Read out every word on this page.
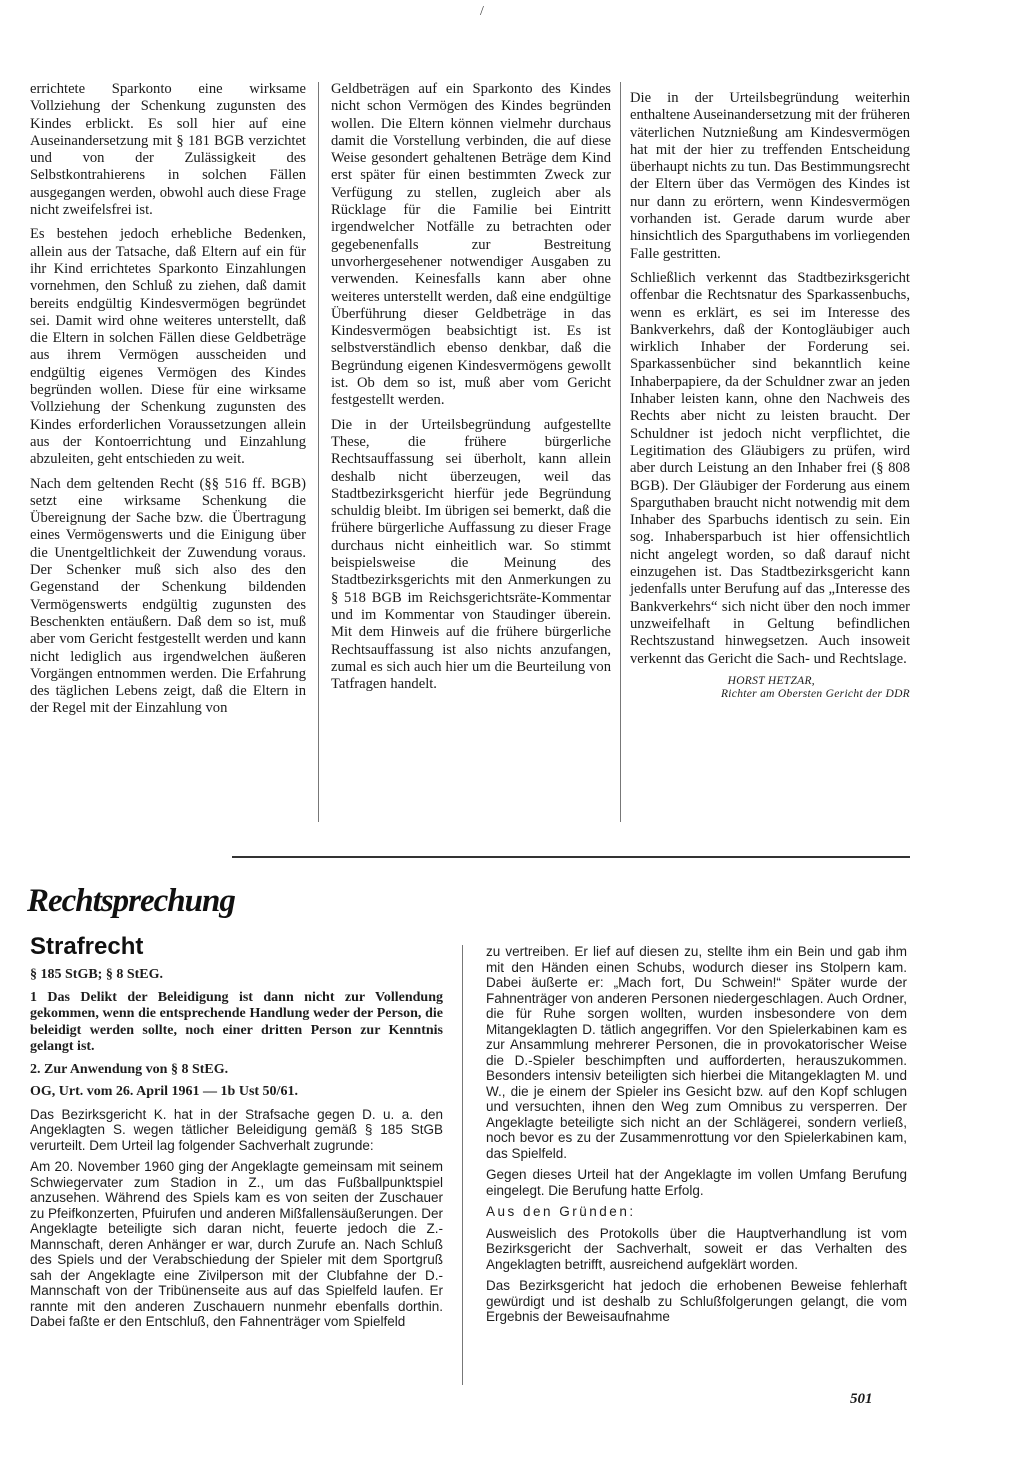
/

errichtete Sparkonto eine wirksame Vollziehung der Schenkung zugunsten des Kindes erblickt. Es soll hier auf eine Auseinandersetzung mit § 181 BGB verzichtet und von der Zulässigkeit des Selbstkontrahierens in solchen Fällen ausgegangen werden, obwohl auch diese Frage nicht zweifelsfrei ist.

Es bestehen jedoch erhebliche Bedenken, allein aus der Tatsache, daß Eltern auf ein für ihr Kind errichtetes Sparkonto Einzahlungen vornehmen, den Schluß zu ziehen, daß damit bereits endgültig Kindesvermögen begründet sei. Damit wird ohne weiteres unterstellt, daß die Eltern in solchen Fällen diese Geldbeträge aus ihrem Vermögen ausscheiden und endgültig eigenes Vermögen des Kindes begründen wollen. Diese für eine wirksame Vollziehung der Schenkung zugunsten des Kindes erforderlichen Voraussetzungen allein aus der Kontoerrichtung und Einzahlung abzuleiten, geht entschieden zu weit.

Nach dem geltenden Recht (§§ 516 ff. BGB) setzt eine wirksame Schenkung die Übereignung der Sache bzw. die Übertragung eines Vermögenswerts und die Einigung über die Unentgeltlichkeit der Zuwendung voraus. Der Schenker muß sich also des den Gegenstand der Schenkung bildenden Vermögenswerts endgültig zugunsten des Beschenkten entäußern. Daß dem so ist, muß aber vom Gericht festgestellt werden und kann nicht lediglich aus irgendwelchen äußeren Vorgängen entnommen werden. Die Erfahrung des täglichen Lebens zeigt, daß die Eltern in der Regel mit der Einzahlung von

Geldbeträgen auf ein Sparkonto des Kindes nicht schon Vermögen des Kindes begründen wollen. Die Eltern können vielmehr durchaus damit die Vorstellung verbinden, die auf diese Weise gesondert gehaltenen Beträge dem Kind erst später für einen bestimmten Zweck zur Verfügung zu stellen, zugleich aber als Rücklage für die Familie bei Eintritt irgendwelcher Notfälle zu betrachten oder gegebenenfalls zur Bestreitung unvorhergesehener notwendiger Ausgaben zu verwenden. Keinesfalls kann aber ohne weiteres unterstellt werden, daß eine endgültige Überführung dieser Geldbeträge in das Kindesvermögen beabsichtigt ist. Es ist selbstverständlich ebenso denkbar, daß die Begründung eigenen Kindesvermögens gewollt ist. Ob dem so ist, muß aber vom Gericht festgestellt werden.

Die in der Urteilsbegründung aufgestellte These, die frühere bürgerliche Rechtsauffassung sei überholt, kann allein deshalb nicht überzeugen, weil das Stadtbezirksgericht hierfür jede Begründung schuldig bleibt. Im übrigen sei bemerkt, daß die frühere bürgerliche Auffassung zu dieser Frage durchaus nicht einheitlich war. So stimmt beispielsweise die Meinung des Stadtbezirksgerichts mit den Anmerkungen zu § 518 BGB im Reichsgerichtsräte-Kommentar und im Kommentar von Staudinger überein. Mit dem Hinweis auf die frühere bürgerliche Rechtsauffassung ist also nichts anzufangen, zumal es sich auch hier um die Beurteilung von Tatfragen handelt.

Die in der Urteilsbegründung weiterhin enthaltene Auseinandersetzung mit der früheren väterlichen Nutznießung am Kindesvermögen hat mit der hier zu treffenden Entscheidung überhaupt nichts zu tun. Das Bestimmungsrecht der Eltern über das Vermögen des Kindes ist nur dann zu erörtern, wenn Kindesvermögen vorhanden ist. Gerade darum wurde aber hinsichtlich des Sparguthabens im vorliegenden Falle gestritten.

Schließlich verkennt das Stadtbezirksgericht offenbar die Rechtsnatur des Sparkassenbuchs, wenn es erklärt, es sei im Interesse des Bankverkehrs, daß der Kontogläubiger auch wirklich Inhaber der Forderung sei. Sparkassenbücher sind bekanntlich keine Inhaberpapiere, da der Schuldner zwar an jeden Inhaber leisten kann, ohne den Nachweis des Rechts aber nicht zu leisten braucht. Der Schuldner ist jedoch nicht verpflichtet, die Legitimation des Gläubigers zu prüfen, wird aber durch Leistung an den Inhaber frei (§ 808 BGB). Der Gläubiger der Forderung aus einem Sparguthaben braucht nicht notwendig mit dem Inhaber des Sparbuchs identisch zu sein. Ein sog. Inhabersparbuch ist hier offensichtlich nicht angelegt worden, so daß darauf nicht einzugehen ist. Das Stadtbezirksgericht kann jedenfalls unter Berufung auf das „Interesse des Bankverkehrs“ sich nicht über den noch immer unzweifelhaft in Geltung befindlichen Rechtszustand hinwegsetzen. Auch insoweit verkennt das Gericht die Sach- und Rechtslage.

HORST HETZAR,
Richter am Obersten Gericht der DDR
Rechtsprechung
Strafrecht

§ 185 StGB; § 8 StEG.

1 Das Delikt der Beleidigung ist dann nicht zur Vollendung gekommen, wenn die entsprechende Handlung weder der Person, die beleidigt werden sollte, noch einer dritten Person zur Kenntnis gelangt ist.

2. Zur Anwendung von § 8 StEG.

OG, Urt. vom 26. April 1961 — 1b Ust 50/61.

Das Bezirksgericht K. hat in der Strafsache gegen D. u. a. den Angeklagten S. wegen tätlicher Beleidigung gemäß § 185 StGB verurteilt. Dem Urteil lag folgender Sachverhalt zugrunde:

Am 20. November 1960 ging der Angeklagte gemeinsam mit seinem Schwiegervater zum Stadion in Z., um das Fußballpunktspiel anzusehen. Während des Spiels kam es von seiten der Zuschauer zu Pfeifkonzerten, Pfuirufen und anderen Mißfallensäußerungen. Der Angeklagte beteiligte sich daran nicht, feuerte jedoch die Z.-Mannschaft, deren Anhänger er war, durch Zurufe an. Nach Schluß des Spiels und der Verabschiedung der Spieler mit dem Sportgruß sah der Angeklagte eine Zivilperson mit der Clubfahne der D.-Mannschaft von der Tribünenseite aus auf das Spielfeld laufen. Er rannte mit den anderen Zuschauern nunmehr ebenfalls dorthin. Dabei faßte er den Entschluß, den Fahnenträger vom Spielfeld

zu vertreiben. Er lief auf diesen zu, stellte ihm ein Bein und gab ihm mit den Händen einen Schubs, wodurch dieser ins Stolpern kam. Dabei äußerte er: „Mach fort, Du Schwein!“ Später wurde der Fahnenträger von anderen Personen niedergeschlagen. Auch Ordner, die für Ruhe sorgen wollten, wurden insbesondere von dem Mitangeklagten D. tätlich angegriffen. Vor den Spielerkabinen kam es zur Ansammlung mehrerer Personen, die in provokatorischer Weise die D.-Spieler beschimpften und aufforderten, herauszukommen. Besonders intensiv beteiligten sich hierbei die Mitangeklagten M. und W., die je einem der Spieler ins Gesicht bzw. auf den Kopf schlugen und versuchten, ihnen den Weg zum Omnibus zu versperren. Der Angeklagte beteiligte sich nicht an der Schlägerei, sondern verließ, noch bevor es zu der Zusammenrottung vor den Spielerkabinen kam, das Spielfeld.

Gegen dieses Urteil hat der Angeklagte im vollen Umfang Berufung eingelegt. Die Berufung hatte Erfolg.

Aus den Gründen:

Ausweislich des Protokolls über die Hauptverhandlung ist vom Bezirksgericht der Sachverhalt, soweit er das Verhalten des Angeklagten betrifft, ausreichend aufgeklärt worden.

Das Bezirksgericht hat jedoch die erhobenen Beweise fehlerhaft gewürdigt und ist deshalb zu Schlußfolgerungen gelangt, die vom Ergebnis der Beweisaufnahme

501
